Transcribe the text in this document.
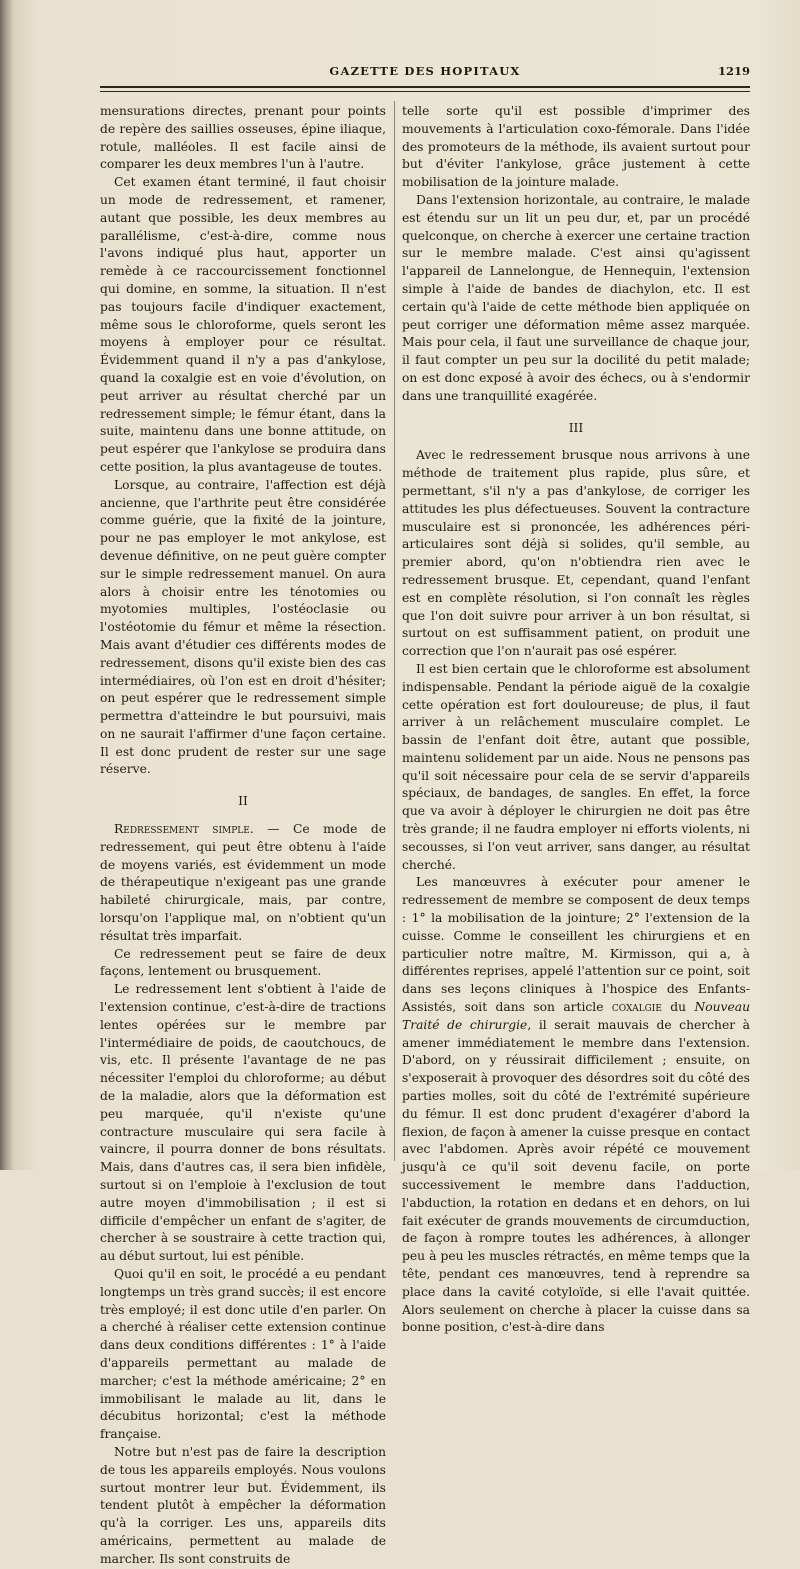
GAZETTE DES HOPITAUX	1219

mensurations directes, prenant pour points de repère des saillies osseuses, épine iliaque, rotule, malléoles. Il est facile ainsi de comparer les deux membres l'un à l'autre.

Cet examen étant terminé, il faut choisir un mode de redressement, et ramener, autant que possible, les deux membres au parallélisme, c'est-à-dire, comme nous l'avons indiqué plus haut, apporter un remède à ce raccourcissement fonctionnel qui domine, en somme, la situation. Il n'est pas toujours facile d'indiquer exactement, même sous le chloroforme, quels seront les moyens à employer pour ce résultat. Évidemment quand il n'y a pas d'ankylose, quand la coxalgie est en voie d'évolution, on peut arriver au résultat cherché par un redressement simple; le fémur étant, dans la suite, maintenu dans une bonne attitude, on peut espérer que l'ankylose se produira dans cette position, la plus avantageuse de toutes.

Lorsque, au contraire, l'affection est déjà ancienne, que l'arthrite peut être considérée comme guérie, que la fixité de la jointure, pour ne pas employer le mot ankylose, est devenue définitive, on ne peut guère compter sur le simple redressement manuel. On aura alors à choisir entre les ténotomies ou myotomies multiples, l'ostéoclasie ou l'ostéotomie du fémur et même la résection. Mais avant d'étudier ces différents modes de redressement, disons qu'il existe bien des cas intermédiaires, où l'on est en droit d'hésiter; on peut espérer que le redressement simple permettra d'atteindre le but poursuivi, mais on ne saurait l'affirmer d'une façon certaine. Il est donc prudent de rester sur une sage réserve.

II

Redressement simple. — Ce mode de redressement, qui peut être obtenu à l'aide de moyens variés, est évidemment un mode de thérapeutique n'exigeant pas une grande habileté chirurgicale, mais, par contre, lorsqu'on l'applique mal, on n'obtient qu'un résultat très imparfait.

Ce redressement peut se faire de deux façons, lentement ou brusquement.

Le redressement lent s'obtient à l'aide de l'extension continue, c'est-à-dire de tractions lentes opérées sur le membre par l'intermédiaire de poids, de caoutchoucs, de vis, etc. Il présente l'avantage de ne pas nécessiter l'emploi du chloroforme; au début de la maladie, alors que la déformation est peu marquée, qu'il n'existe qu'une contracture musculaire qui sera facile à vaincre, il pourra donner de bons résultats. Mais, dans d'autres cas, il sera bien infidèle, surtout si on l'emploie à l'exclusion de tout autre moyen d'immobilisation ; il est si difficile d'empêcher un enfant de s'agiter, de chercher à se soustraire à cette traction qui, au début surtout, lui est pénible.

Quoi qu'il en soit, le procédé a eu pendant longtemps un très grand succès; il est encore très employé; il est donc utile d'en parler. On a cherché à réaliser cette extension continue dans deux conditions différentes : 1° à l'aide d'appareils permettant au malade de marcher; c'est la méthode américaine; 2° en immobilisant le malade au lit, dans le décubitus horizontal; c'est la méthode française.

Notre but n'est pas de faire la description de tous les appareils employés. Nous voulons surtout montrer leur but. Évidemment, ils tendent plutôt à empêcher la déformation qu'à la corriger. Les uns, appareils dits américains, permettent au malade de marcher. Ils sont construits de

telle sorte qu'il est possible d'imprimer des mouvements à l'articulation coxo-fémorale. Dans l'idée des promoteurs de la méthode, ils avaient surtout pour but d'éviter l'ankylose, grâce justement à cette mobilisation de la jointure malade.

Dans l'extension horizontale, au contraire, le malade est étendu sur un lit un peu dur, et, par un procédé quelconque, on cherche à exercer une certaine traction sur le membre malade. C'est ainsi qu'agissent l'appareil de Lannelongue, de Hennequin, l'extension simple à l'aide de bandes de diachylon, etc. Il est certain qu'à l'aide de cette méthode bien appliquée on peut corriger une déformation même assez marquée. Mais pour cela, il faut une surveillance de chaque jour, il faut compter un peu sur la docilité du petit malade; on est donc exposé à avoir des échecs, ou à s'endormir dans une tranquillité exagérée.

III

Avec le redressement brusque nous arrivons à une méthode de traitement plus rapide, plus sûre, et permettant, s'il n'y a pas d'ankylose, de corriger les attitudes les plus défectueuses. Souvent la contracture musculaire est si prononcée, les adhérences péri-articulaires sont déjà si solides, qu'il semble, au premier abord, qu'on n'obtiendra rien avec le redressement brusque. Et, cependant, quand l'enfant est en complète résolution, si l'on connaît les règles que l'on doit suivre pour arriver à un bon résultat, si surtout on est suffisamment patient, on produit une correction que l'on n'aurait pas osé espérer.

Il est bien certain que le chloroforme est absolument indispensable. Pendant la période aiguë de la coxalgie cette opération est fort douloureuse; de plus, il faut arriver à un relâchement musculaire complet. Le bassin de l'enfant doit être, autant que possible, maintenu solidement par un aide. Nous ne pensons pas qu'il soit nécessaire pour cela de se servir d'appareils spéciaux, de bandages, de sangles. En effet, la force que va avoir à déployer le chirurgien ne doit pas être très grande; il ne faudra employer ni efforts violents, ni secousses, si l'on veut arriver, sans danger, au résultat cherché.

Les manœuvres à exécuter pour amener le redressement de membre se composent de deux temps : 1° la mobilisation de la jointure; 2° l'extension de la cuisse. Comme le conseillent les chirurgiens et en particulier notre maître, M. Kirmisson, qui a, à différentes reprises, appelé l'attention sur ce point, soit dans ses leçons cliniques à l'hospice des Enfants-Assistés, soit dans son article coxalgie du Nouveau Traité de chirurgie, il serait mauvais de chercher à amener immédiatement le membre dans l'extension. D'abord, on y réussirait difficilement ; ensuite, on s'exposerait à provoquer des désordres soit du côté des parties molles, soit du côté de l'extrémité supérieure du fémur. Il est donc prudent d'exagérer d'abord la flexion, de façon à amener la cuisse presque en contact avec l'abdomen. Après avoir répété ce mouvement jusqu'à ce qu'il soit devenu facile, on porte successivement le membre dans l'adduction, l'abduction, la rotation en dedans et en dehors, on lui fait exécuter de grands mouvements de circumduction, de façon à rompre toutes les adhérences, à allonger peu à peu les muscles rétractés, en même temps que la tête, pendant ces manœuvres, tend à reprendre sa place dans la cavité cotyloïde, si elle l'avait quittée. Alors seulement on cherche à placer la cuisse dans sa bonne position, c'est-à-dire dans
